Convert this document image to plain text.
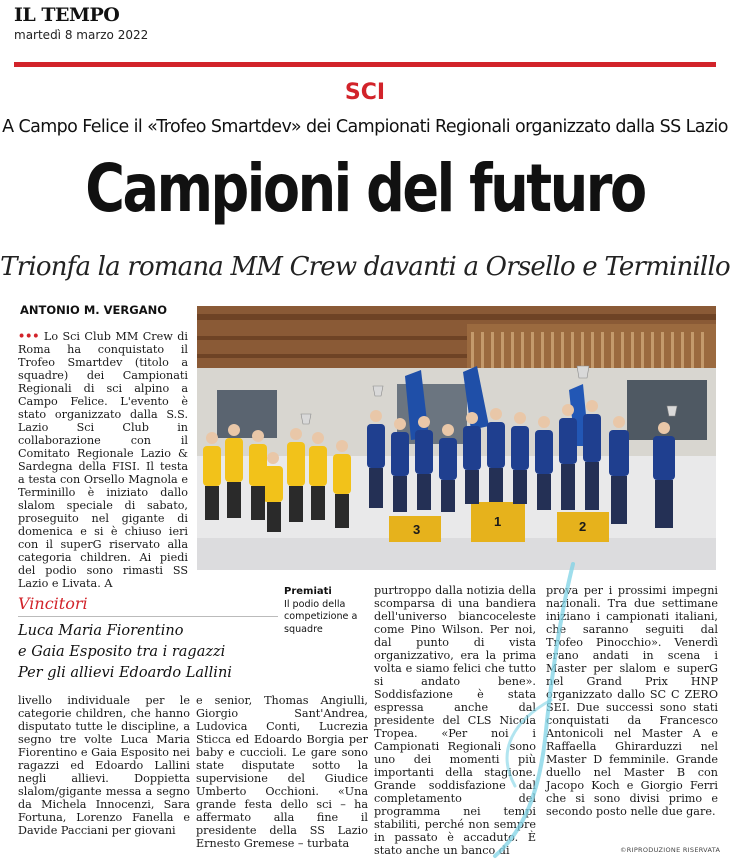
IL TEMPO
martedì 8 marzo 2022
SCI
A Campo Felice il «Trofeo Smartdev» dei Campionati Regionali organizzato dalla SS Lazio
Campioni del futuro
Trionfa la romana MM Crew davanti a Orsello e Terminillo
ANTONIO M. VERGANO
••• Lo Sci Club MM Crew di Roma ha conquistato il Trofeo Smartdev (titolo a squadre) dei Campionati Regionali di sci alpino a Campo Felice. L'evento è stato organizzato dalla S.S. Lazio Sci Club in collaborazione con il Comitato Regionale Lazio & Sardegna della FISI. Il testa a testa con Orsello Magnola e Terminillo è iniziato dallo slalom speciale di sabato, proseguito nel gigante di domenica e si è chiuso ieri con il superG riservato alla categoria children. Ai piedi del podio sono rimasti SS Lazio e Livata. A
3
1	2
Vincitori
Luca Maria Fiorentino
e Gaia Esposito tra i ragazzi
Per gli allievi Edoardo Lallini
Premiati
Il podio della competizione a squadre
livello individuale per le categorie children, che hanno disputato tutte le discipline, a segno tre volte Luca Maria Fiorentino e Gaia Esposito nei ragazzi ed Edoardo Lallini negli allievi. Doppietta slalom/gigante messa a segno da Michela Innocenzi, Sara Fortuna, Lorenzo Fanella e Davide Pacciani per giovani
e senior, Thomas Angiulli, Giorgio Sant'Andrea, Ludovica Conti, Lucrezia Sticca ed Edoardo Borgia per baby e cuccioli. Le gare sono state disputate sotto la supervisione del Giudice Umberto Occhioni. «Una grande festa dello sci – ha affermato alla fine il presidente della SS Lazio Ernesto Gremese – turbata
purtroppo dalla notizia della scomparsa di una bandiera dell'universo biancoceleste come Pino Wilson. Per noi, dal punto di vista organizzativo, era la prima volta e siamo felici che tutto si andato bene». Soddisfazione è stata espressa anche dal presidente del CLS Nicola Tropea. «Per noi i Campionati Regionali sono uno dei momenti più importanti della stagione. Grande soddisfazione dal completamento del programma nei tempi stabiliti, perché non sempre in passato è accaduto. È stato anche un banco di
prova per i prossimi impegni nazionali. Tra due settimane iniziano i campionati italiani, che saranno seguiti dal Trofeo Pinocchio». Venerdì erano andati in scena i Master per slalom e superG nel Grand Prix HNP organizzato dallo SC C ZERO SEI. Due successi sono stati conquistati da Francesco Antonicoli nel Master A e Raffaella Ghirarduzzi nel Master D femminile. Grande duello nel Master B con Jacopo Koch e Giorgio Ferri che si sono divisi primo e secondo posto nelle due gare.
©RIPRODUZIONE RISERVATA
